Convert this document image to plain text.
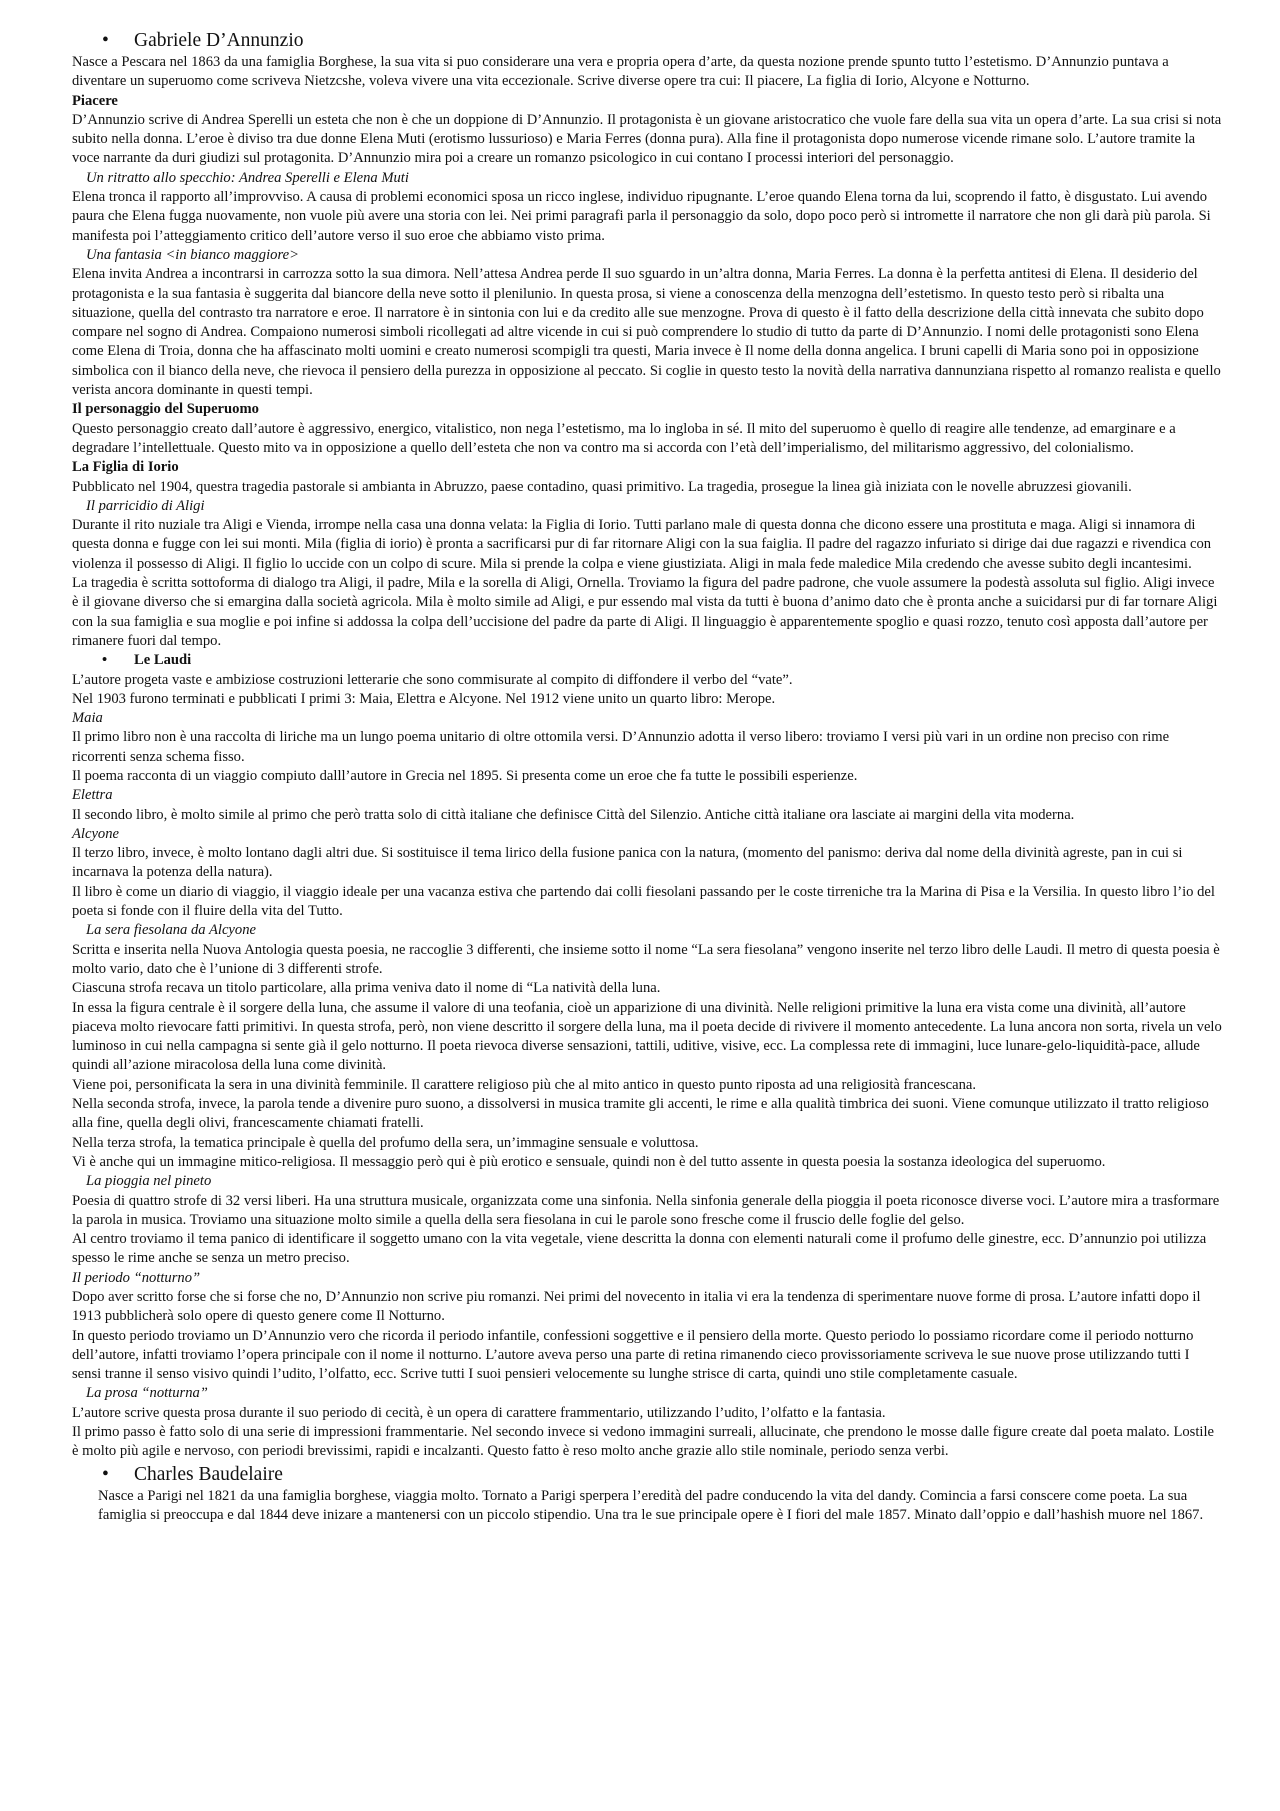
• Gabriele D’Annunzio

Nasce a Pescara nel 1863 da una famiglia Borghese, la sua vita si puo considerare una vera e propria opera d’arte, da questa nozione prende spunto tutto l’estetismo. D’Annunzio puntava a diventare un superuomo come scriveva Nietzcshe, voleva vivere una vita eccezionale. Scrive diverse opere tra cui: Il piacere, La figlia di Iorio, Alcyone e Notturno.

Piacere

D’Annunzio scrive di Andrea Sperelli un esteta che non è che un doppione di D’Annunzio. Il protagonista è un giovane aristocratico che vuole fare della sua vita un opera d’arte. La sua crisi si nota subito nella donna. L’eroe è diviso tra due donne Elena Muti (erotismo lussurioso) e Maria Ferres (donna pura). Alla fine il protagonista dopo numerose vicende rimane solo. L’autore tramite la voce narrante da duri giudizi sul protagonita. D’Annunzio mira poi a creare un romanzo psicologico in cui contano I processi interiori del personaggio.

Un ritratto allo specchio: Andrea Sperelli e Elena Muti

Elena tronca il rapporto all’improvviso. A causa di problemi economici sposa un ricco inglese, individuo ripugnante. L’eroe quando Elena torna da lui, scoprendo il fatto, è disgustato. Lui avendo paura che Elena fugga nuovamente, non vuole più avere una storia con lei. Nei primi paragrafi parla il personaggio da solo, dopo poco però si intromette il narratore che non gli darà più parola. Si manifesta poi l’atteggiamento critico dell’autore verso il suo eroe che abbiamo visto prima.

Una fantasia <in bianco maggiore>

Elena invita Andrea a incontrarsi in carrozza sotto la sua dimora. Nell’attesa Andrea perde Il suo sguardo in un’altra donna, Maria Ferres. La donna è la perfetta antitesi di Elena. Il desiderio del protagonista e la sua fantasia è suggerita dal biancore della neve sotto il plenilunio. In questa prosa, si viene a conoscenza della menzogna dell’estetismo. In questo testo però si ribalta una situazione, quella del contrasto tra narratore e eroe. Il narratore è in sintonia con lui e da credito alle sue menzogne. Prova di questo è il fatto della descrizione della città innevata che subito dopo compare nel sogno di Andrea. Compaiono numerosi simboli ricollegati ad altre vicende in cui si può comprendere lo studio di tutto da parte di D’Annunzio. I nomi delle protagonisti sono Elena come Elena di Troia, donna che ha affascinato molti uomini e creato numerosi scompigli tra questi, Maria invece è Il nome della donna angelica. I bruni capelli di Maria sono poi in opposizione simbolica con il bianco della neve, che rievoca il pensiero della purezza in opposizione al peccato. Si coglie in questo testo la novità della narrativa dannunziana rispetto al romanzo realista e quello verista ancora dominante in questi tempi.

Il personaggio del Superuomo

Questo personaggio creato dall’autore è aggressivo, energico, vitalistico, non nega l’estetismo, ma lo ingloba in sé. Il mito del superuomo è quello di reagire alle tendenze, ad emarginare e a degradare l’intellettuale. Questo mito va in opposizione a quello dell’esteta che non va contro ma si accorda con l’età dell’imperialismo, del militarismo aggressivo, del colonialismo.

La Figlia di Iorio

Pubblicato nel 1904, questra tragedia pastorale si ambianta in Abruzzo, paese contadino, quasi primitivo. La tragedia, prosegue la linea già iniziata con le novelle abruzzesi giovanili.

Il parricidio di Aligi

Durante il rito nuziale tra Aligi e Vienda, irrompe nella casa una donna velata: la Figlia di Iorio. Tutti parlano male di questa donna che dicono essere una prostituta e maga. Aligi si innamora di questa donna e fugge con lei sui monti. Mila (figlia di iorio) è pronta a sacrificarsi pur di far ritornare Aligi con la sua faiglia. Il padre del ragazzo infuriato si dirige dai due ragazzi e rivendica con violenza il possesso di Aligi. Il figlio lo uccide con un colpo di scure. Mila si prende la colpa e viene giustiziata. Aligi in mala fede maledice Mila credendo che avesse subito degli incantesimi.

La tragedia è scritta sottoforma di dialogo tra Aligi, il padre, Mila e la sorella di Aligi, Ornella. Troviamo la figura del padre padrone, che vuole assumere la podestà assoluta sul figlio. Aligi invece è il giovane diverso che si emargina dalla società agricola. Mila è molto simile ad Aligi, e pur essendo mal vista da tutti è buona d’animo dato che è pronta anche a suicidarsi pur di far tornare Aligi con la sua famiglia e sua moglie e poi infine si addossa la colpa dell’uccisione del padre da parte di Aligi. Il linguaggio è apparentemente spoglio e quasi rozzo, tenuto così apposta dall’autore per rimanere fuori dal tempo.

• Le Laudi

L’autore progeta vaste e ambiziose costruzioni letterarie che sono commisurate al compito di diffondere il verbo del “vate”.

Nel 1903 furono terminati e pubblicati I primi 3: Maia, Elettra e Alcyone. Nel 1912 viene unito un quarto libro: Merope.

Maia

Il primo libro non è una raccolta di liriche ma un lungo poema unitario di oltre ottomila versi. D’Annunzio adotta il verso libero: troviamo I versi più vari in un ordine non preciso con rime ricorrenti senza schema fisso.

Il poema racconta di un viaggio compiuto dalll’autore in Grecia nel 1895. Si presenta come un eroe che fa tutte le possibili esperienze.

Elettra

Il secondo libro, è molto simile al primo che però tratta solo di città italiane che definisce Città del Silenzio. Antiche città italiane ora lasciate ai margini della vita moderna.

Alcyone

Il terzo libro, invece, è molto lontano dagli altri due. Si sostituisce il tema lirico della fusione panica con la natura, (momento del panismo: deriva dal nome della divinità agreste, pan in cui si incarnava la potenza della natura).

Il libro è come un diario di viaggio, il viaggio ideale per una vacanza estiva che partendo dai colli fiesolani passando per le coste tirreniche tra la Marina di Pisa e la Versilia. In questo libro l’io del poeta si fonde con il fluire della vita del Tutto.

La sera fiesolana da Alcyone

Scritta e inserita nella Nuova Antologia questa poesia, ne raccoglie 3 differenti, che insieme sotto il nome “La sera fiesolana” vengono inserite nel terzo libro delle Laudi. Il metro di questa poesia è molto vario, dato che è l’unione di 3 differenti strofe.

Ciascuna strofa recava un titolo particolare, alla prima veniva dato il nome di “La natività della luna.

In essa la figura centrale è il sorgere della luna, che assume il valore di una teofania, cioè un apparizione di una divinità. Nelle religioni primitive la luna era vista come una divinità, all’autore piaceva molto rievocare fatti primitivi. In questa strofa, però, non viene descritto il sorgere della luna, ma il poeta decide di rivivere il momento antecedente. La luna ancora non sorta, rivela un velo luminoso in cui nella campagna si sente già il gelo notturno. Il poeta rievoca diverse sensazioni, tattili, uditive, visive, ecc. La complessa rete di immagini, luce lunare-gelo-liquidità-pace, allude quindi all’azione miracolosa della luna come divinità.

Viene poi, personificata la sera in una divinità femminile. Il carattere religioso più che al mito antico in questo punto riposta ad una religiosità francescana.

Nella seconda strofa, invece, la parola tende a divenire puro suono, a dissolversi in musica tramite gli accenti, le rime e alla qualità timbrica dei suoni. Viene comunque utilizzato il tratto religioso alla fine, quella degli olivi, francescamente chiamati fratelli.

Nella terza strofa, la tematica principale è quella del profumo della sera, un’immagine sensuale e voluttosa.

Vi è anche qui un immagine mitico-religiosa. Il messaggio però qui è più erotico e sensuale, quindi non è del tutto assente in questa poesia la sostanza ideologica del superuomo.

La pioggia nel pineto

Poesia di quattro strofe di 32 versi liberi. Ha una struttura musicale, organizzata come una sinfonia. Nella sinfonia generale della pioggia il poeta riconosce diverse voci. L’autore mira a trasformare la parola in musica. Troviamo una situazione molto simile a quella della sera fiesolana in cui le parole sono fresche come il fruscio delle foglie del gelso.

Al centro troviamo il tema panico di identificare il soggetto umano con la vita vegetale, viene descritta la donna con elementi naturali come il profumo delle ginestre, ecc. D’annunzio poi utilizza spesso le rime anche se senza un metro preciso.

Il periodo “notturno”

Dopo aver scritto forse che si forse che no, D’Annunzio non scrive piu romanzi. Nei primi del novecento in italia vi era la tendenza di sperimentare nuove forme di prosa. L’autore infatti dopo il 1913 pubblicherà solo opere di questo genere come Il Notturno.

In questo periodo troviamo un D’Annunzio vero che ricorda il periodo infantile, confessioni soggettive e il pensiero della morte. Questo periodo lo possiamo ricordare come il periodo notturno dell’autore, infatti troviamo l’opera principale con il nome il notturno. L’autore aveva perso una parte di retina rimanendo cieco provissoriamente scriveva le sue nuove prose utilizzando tutti I sensi tranne il senso visivo quindi l’udito, l’olfatto, ecc. Scrive tutti I suoi pensieri velocemente su lunghe strisce di carta, quindi uno stile completamente casuale.

La prosa “notturna”

L’autore scrive questa prosa durante il suo periodo di cecità, è un opera di carattere frammentario, utilizzando l’udito, l’olfatto e la fantasia.

Il primo passo è fatto solo di una serie di impressioni frammentarie. Nel secondo invece si vedono immagini surreali, allucinate, che prendono le mosse dalle figure create dal poeta malato. Lostile è molto più agile e nervoso, con periodi brevissimi, rapidi e incalzanti. Questo fatto è reso molto anche grazie allo stile nominale, periodo senza verbi.

• Charles Baudelaire

Nasce a Parigi nel 1821 da una famiglia borghese, viaggia molto. Tornato a Parigi sperpera l’eredità del padre conducendo la vita del dandy. Comincia a farsi conscere come poeta. La sua famiglia si preoccupa e dal 1844 deve inizare a mantenersi con un piccolo stipendio. Una tra le sue principale opere è I fiori del male 1857. Minato dall’oppio e dall’hashish muore nel 1867.
